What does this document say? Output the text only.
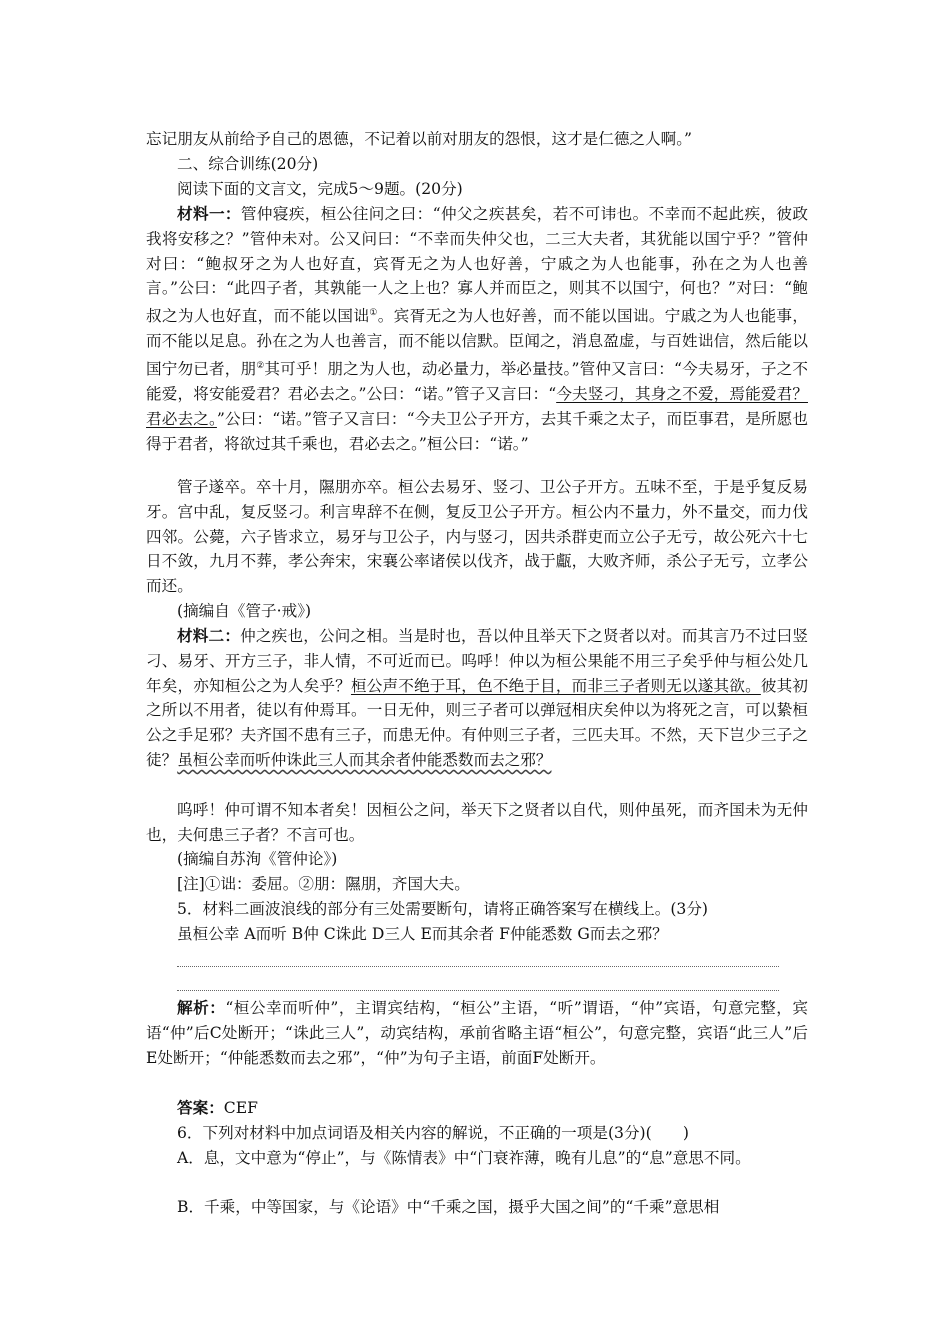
忘记朋友从前给予自己的恩德，不记着以前对朋友的怨恨，这才是仁德之人啊。”

二、综合训练(20分)

阅读下面的文言文，完成5～9题。(20分)

材料一：管仲寝疾，桓公往问之曰：“仲父之疾甚矣，若不可讳也。不幸而不起此疾，彼政我将安移之？”管仲未对。公又问曰：“不幸而失仲父也，二三大夫者，其犹能以国宁乎？”管仲对曰：“鲍叔牙之为人也好直，宾胥无之为人也好善，宁戚之为人也能事，孙在之为人也善言。”公曰：“此四子者，其孰能一人之上也？寡人并而臣之，则其不以国宁，何也？”对曰：“鲍叔之为人也好直，而不能以国诎①。宾胥无之为人也好善，而不能以国诎。宁戚之为人也能事，而不能以足息。孙在之为人也善言，而不能以信默。臣闻之，消息盈虚，与百姓诎信，然后能以国宁勿已者，朋②其可乎！朋之为人也，动必量力，举必量技。”管仲又言曰：“今夫易牙，子之不能爱，将安能爱君？君必去之。”公曰：“诺。”管子又言曰：“今夫竖刁，其身之不爱，焉能爱君？君必去之。”公曰：“诺。”管子又言曰：“今夫卫公子开方，去其千乘之太子，而臣事君，是所愿也得于君者，将欲过其千乘也，君必去之。”桓公曰：“诺。”

管子遂卒。卒十月，隰朋亦卒。桓公去易牙、竖刁、卫公子开方。五味不至，于是乎复反易牙。宫中乱，复反竖刁。利言卑辞不在侧，复反卫公子开方。桓公内不量力，外不量交，而力伐四邻。公薨，六子皆求立，易牙与卫公子，内与竖刁，因共杀群吏而立公子无亏，故公死六十七日不敛，九月不葬，孝公奔宋，宋襄公率诸侯以伐齐，战于甗，大败齐师，杀公子无亏，立孝公而还。

(摘编自《管子·戒》)

材料二：仲之疾也，公问之相。当是时也，吾以仲且举天下之贤者以对。而其言乃不过曰竖刁、易牙、开方三子，非人情，不可近而已。呜呼！仲以为桓公果能不用三子矣乎仲与桓公处几年矣，亦知桓公之为人矣乎？桓公声不绝于耳，色不绝于目，而非三子者则无以遂其欲。彼其初之所以不用者，徒以有仲焉耳。一日无仲，则三子者可以弹冠相庆矣仲以为将死之言，可以絷桓公之手足邪？夫齐国不患有三子，而患无仲。有仲则三子者，三匹夫耳。不然，天下岂少三子之徒？虽桓公幸而听仲诛此三人而其余者仲能悉数而去之邪？

呜呼！仲可谓不知本者矣！因桓公之问，举天下之贤者以自代，则仲虽死，而齐国未为无仲也，夫何患三子者？不言可也。

(摘编自苏洵《管仲论》)

[注]①诎：委屈。②朋：隰朋，齐国大夫。

5．材料二画波浪线的部分有三处需要断句，请将正确答案写在横线上。(3分)

虽桓公幸 A而听 B仲 C诛此 D三人 E而其余者 F仲能悉数 G而去之邪？

解析：“桓公幸而听仲”，主谓宾结构，“桓公”主语，“听”谓语，“仲”宾语，句意完整，宾语“仲”后C处断开；“诛此三人”，动宾结构，承前省略主语“桓公”，句意完整，宾语“此三人”后E处断开；“仲能悉数而去之邪”，“仲”为句子主语，前面F处断开。

答案：CEF

6．下列对材料中加点词语及相关内容的解说，不正确的一项是(3分)(　　)

A．息，文中意为“停止”，与《陈情表》中“门衰祚薄，晚有儿息”的“息”意思不同。

B．千乘，中等国家，与《论语》中“千乘之国，摄乎大国之间”的“千乘”意思相
